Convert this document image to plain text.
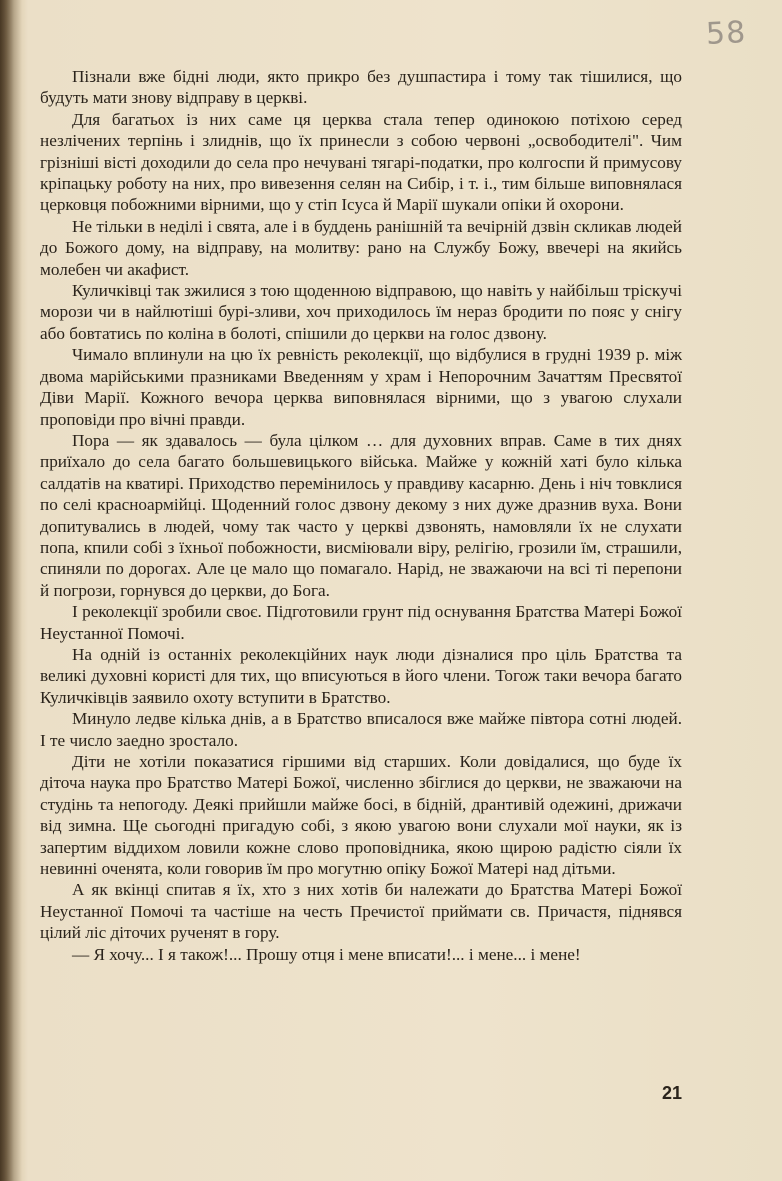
58

Пізнали вже бідні люди, якто прикро без душпастира і тому так тішилися, що будуть мати знову відправу в церкві.

Для багатьох із них саме ця церква стала тепер одинокою потіхою серед незлічених терпінь і злиднів, що їх принесли з собою червоні „освободителі". Чим грізніші вісті доходили до села про нечувані тягарі-податки, про колгоспи й примусову кріпацьку роботу на них, про вивезення селян на Сибір, і т. і., тим більше виповнялася церковця побожними вірними, що у стіп Ісуса й Марії шукали опіки й охорони.

Не тільки в неділі і свята, але і в буддень ранішній та вечірній дзвін скликав людей до Божого дому, на відправу, на молитву: рано на Службу Божу, ввечері на якийсь молебен чи акафист.

Куличківці так зжилися з тою щоденною відправою, що навіть у найбільш тріскучі морози чи в найлютіші бурі-зливи, хоч приходилось їм нераз бродити по пояс у снігу або бовтатись по коліна в болоті, спішили до церкви на голос дзвону.

Чимало вплинули на цю їх ревність реколекції, що відбулися в грудні 1939 р. між двома марійськими празниками Введенням у храм і Непорочним Зачаттям Пресвятої Діви Марії. Кожного вечора церква виповнялася вірними, що з увагою слухали проповіди про вічні правди.

Пора — як здавалось — була цілком … для духовних вправ. Саме в тих днях приїхало до села багато большевицького війська. Майже у кожній хаті було кілька салдатів на кватирі. Приходство перемінилось у правдиву касарню. День і ніч товклися по селі красноармійці. Щоденний голос дзвону декому з них дуже дразнив вуха. Вони допитувались в людей, чому так часто у церкві дзвонять, намовляли їх не слухати попа, кпили собі з їхньої побожности, висміювали віру, релігію, грозили їм, страшили, спиняли по дорогах. Але це мало що помагало. Нарід, не зважаючи на всі ті перепони й погрози, горнувся до церкви, до Бога.

І реколекції зробили своє. Підготовили грунт під оснування Братства Матері Божої Неустанної Помочі.

На одній із останніх реколекційних наук люди дізналися про ціль Братства та великі духовні користі для тих, що вписуються в його члени. Тогож таки вечора багато Куличківців заявило охоту вступити в Братство.

Минуло ледве кілька днів, а в Братство вписалося вже майже півтора сотні людей. І те число заедно зростало.

Діти не хотіли показатися гіршими від старших. Коли довідалися, що буде їх діточа наука про Братство Матері Божої, численно збіглися до церкви, не зважаючи на студінь та непогоду. Деякі прийшли майже босі, в бідній, дрантивій одежині, дрижачи від зимна. Ще сьогодні пригадую собі, з якою увагою вони слухали мої науки, як із запертим віддихом ловили кожне слово проповідника, якою щирою радістю сіяли їх невинні оченята, коли говорив їм про могутню опіку Божої Матері над дітьми.

А як вкінці спитав я їх, хто з них хотів би належати до Братства Матері Божої Неустанної Помочі та частіше на честь Пречистої приймати св. Причастя, піднявся цілий ліс діточих рученят в гору.

— Я хочу... І я також!... Прошу отця і мене вписати!... і мене... і мене!

21
